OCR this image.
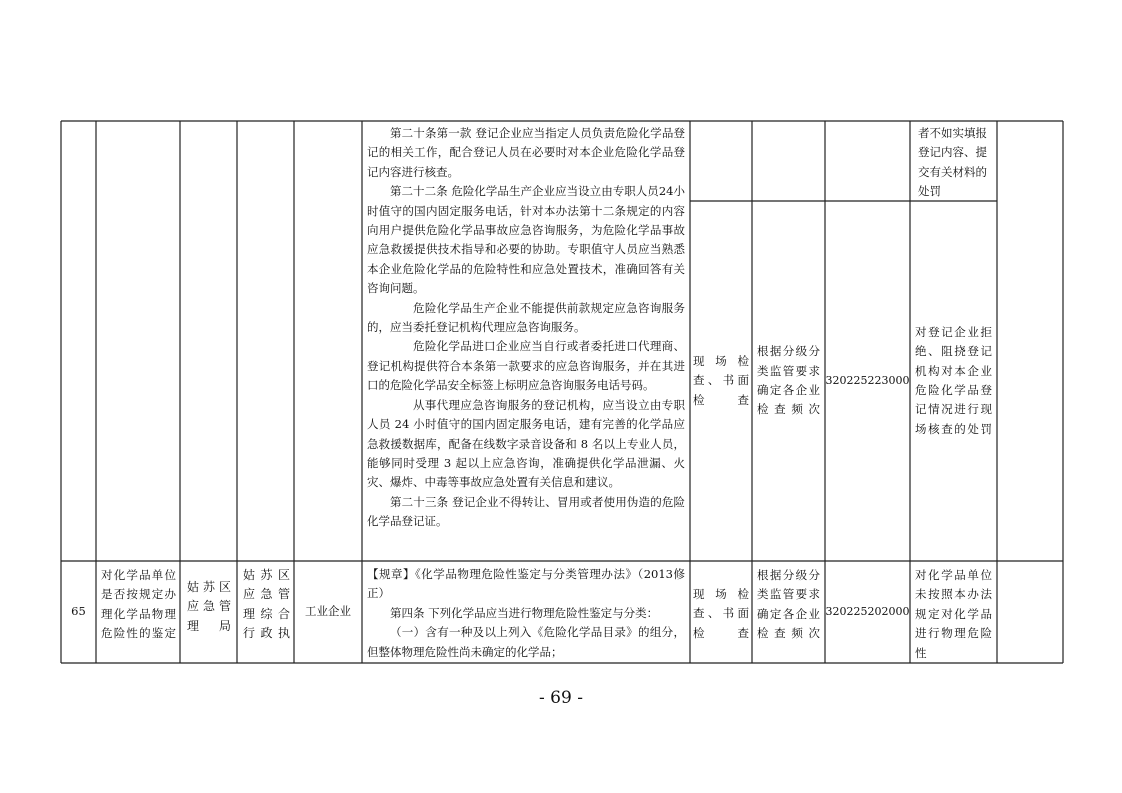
第二十条第一款 登记企业应当指定人员负责危险化学品登记的相关工作，配合登记人员在必要时对本企业危险化学品登记内容进行核查。

第二十二条 危险化学品生产企业应当设立由专职人员24小时值守的国内固定服务电话，针对本办法第十二条规定的内容向用户提供危险化学品事故应急咨询服务，为危险化学品事故应急救援提供技术指导和必要的协助。专职值守人员应当熟悉本企业危险化学品的危险特性和应急处置技术，准确回答有关咨询问题。

危险化学品生产企业不能提供前款规定应急咨询服务的，应当委托登记机构代理应急咨询服务。

危险化学品进口企业应当自行或者委托进口代理商、登记机构提供符合本条第一款要求的应急咨询服务，并在其进口的危险化学品安全标签上标明应急咨询服务电话号码。

从事代理应急咨询服务的登记机构，应当设立由专职人员 24 小时值守的国内固定服务电话，建有完善的化学品应急救援数据库，配备在线数字录音设备和 8 名以上专业人员，能够同时受理 3 起以上应急咨询，准确提供化学品泄漏、火灾、爆炸、中毒等事故应急处置有关信息和建议。

第二十三条 登记企业不得转让、冒用或者使用伪造的危险化学品登记证。

者不如实填报登记内容、提交有关材料的处罚
现场检查、书面检查
根据分级分类监管要求确定各企业检查频次
320225223000
对登记企业拒绝、阻挠登记机构对本企业危险化学品登记情况进行现场核查的处罚
65
对化学品单位是否按规定办理化学品物理危险性的鉴定
姑苏区应急管理局
姑苏区应急管理综合行政执
工业企业

【规章】《化学品物理危险性鉴定与分类管理办法》（2013修正）

第四条 下列化学品应当进行物理危险性鉴定与分类：

（一）含有一种及以上列入《危险化学品目录》的组分，但整体物理危险性尚未确定的化学品；

现场检查、书面检查
根据分级分类监管要求确定各企业检查频次
320225202000
对化学品单位未按照本办法规定对化学品进行物理危险性
- 69 -
